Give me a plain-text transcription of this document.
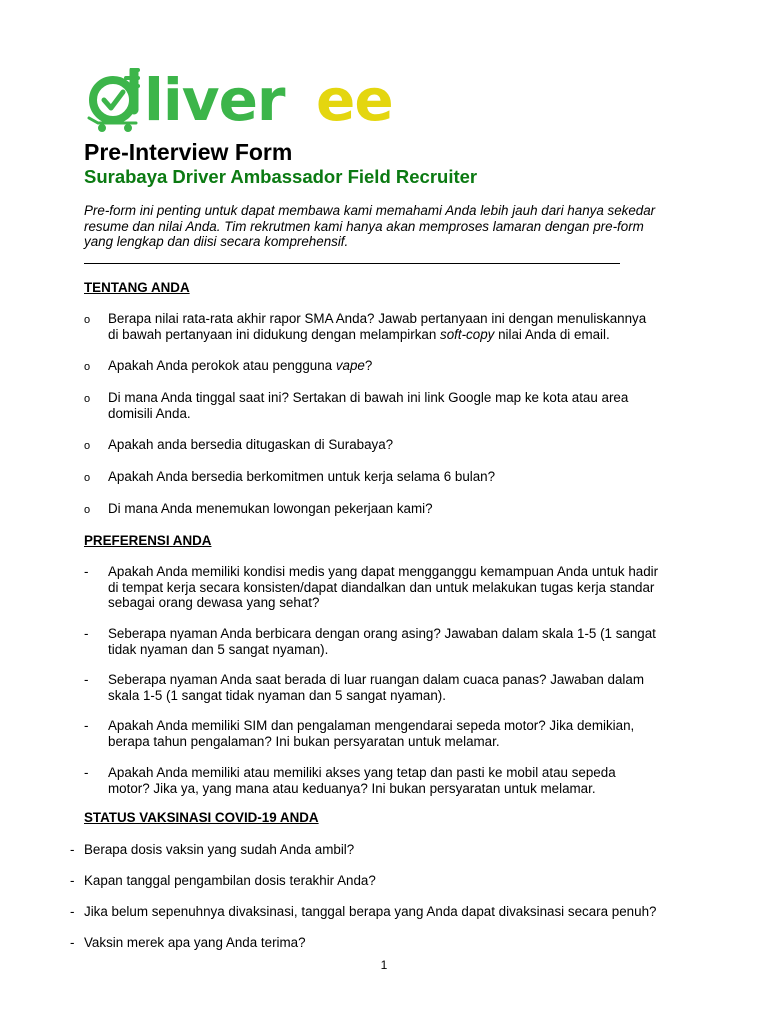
liver ee
Pre-Interview Form
Surabaya Driver Ambassador Field Recruiter
Pre-form ini penting untuk dapat membawa kami memahami Anda lebih jauh dari hanya sekedar
resume dan nilai Anda. Tim rekrutmen kami hanya akan memproses lamaran dengan pre-form
yang lengkap dan diisi secara komprehensif.
TENTANG ANDA
o Berapa nilai rata-rata akhir rapor SMA Anda? Jawab pertanyaan ini dengan menuliskannya
di bawah pertanyaan ini didukung dengan melampirkan soft-copy nilai Anda di email.
o Apakah Anda perokok atau pengguna vape?
o Di mana Anda tinggal saat ini? Sertakan di bawah ini link Google map ke kota atau area
domisili Anda.
o Apakah anda bersedia ditugaskan di Surabaya?
o Apakah Anda bersedia berkomitmen untuk kerja selama 6 bulan?
o Di mana Anda menemukan lowongan pekerjaan kami?
PREFERENSI ANDA
- Apakah Anda memiliki kondisi medis yang dapat mengganggu kemampuan Anda untuk hadir
di tempat kerja secara konsisten/dapat diandalkan dan untuk melakukan tugas kerja standar
sebagai orang dewasa yang sehat?
- Seberapa nyaman Anda berbicara dengan orang asing? Jawaban dalam skala 1-5 (1 sangat
tidak nyaman dan 5 sangat nyaman).
- Seberapa nyaman Anda saat berada di luar ruangan dalam cuaca panas? Jawaban dalam
skala 1-5 (1 sangat tidak nyaman dan 5 sangat nyaman).
- Apakah Anda memiliki SIM dan pengalaman mengendarai sepeda motor? Jika demikian,
berapa tahun pengalaman? Ini bukan persyaratan untuk melamar.
- Apakah Anda memiliki atau memiliki akses yang tetap dan pasti ke mobil atau sepeda
motor? Jika ya, yang mana atau keduanya? Ini bukan persyaratan untuk melamar.
STATUS VAKSINASI COVID-19 ANDA
- Berapa dosis vaksin yang sudah Anda ambil?
- Kapan tanggal pengambilan dosis terakhir Anda?
- Jika belum sepenuhnya divaksinasi, tanggal berapa yang Anda dapat divaksinasi secara penuh?
- Vaksin merek apa yang Anda terima?
1
